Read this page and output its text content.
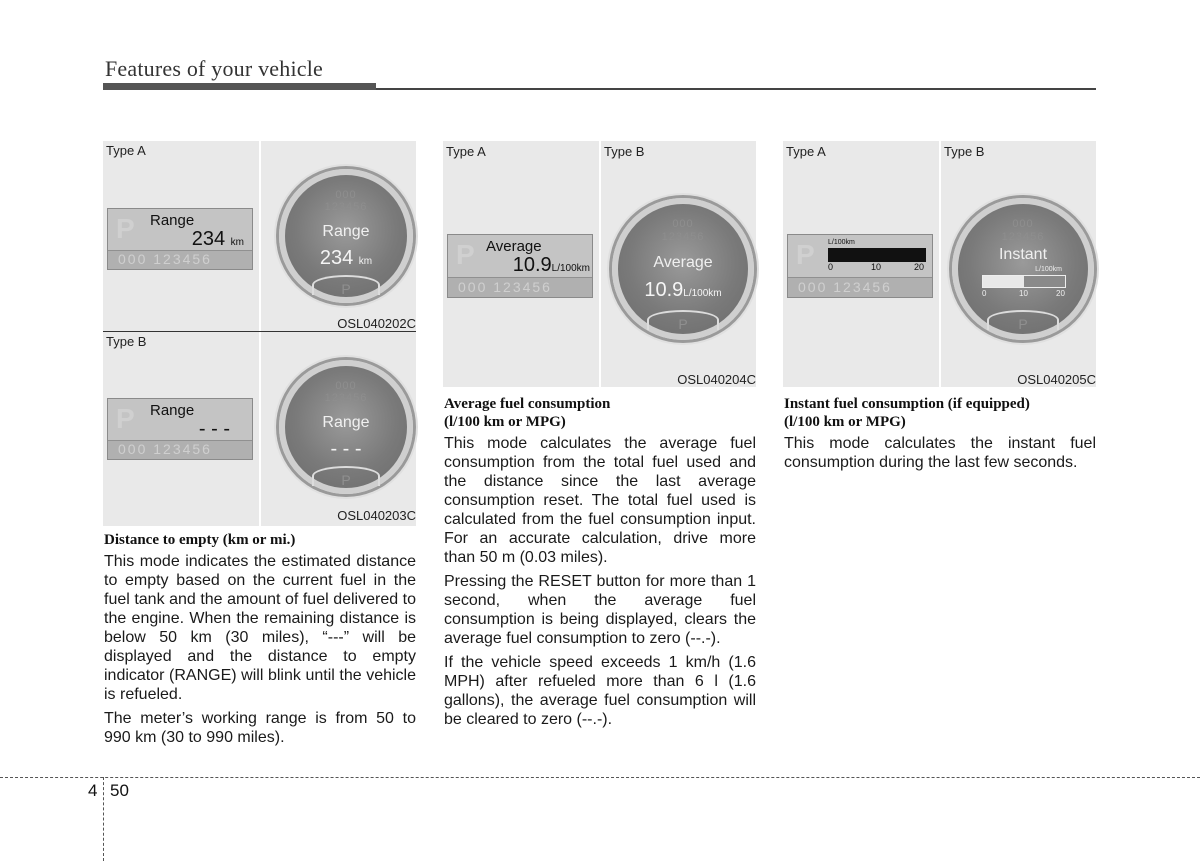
Features of your vehicle
Type A
P
000 123456
Range
234 km
000
123456
Range
234 km
P
OSL040202C
Type B
P
000 123456
Range
- - -
000
123456
Range
- - -
P
OSL040203C
Distance to empty (km or mi.)

This mode indicates the estimated distance to empty based on the current fuel in the fuel tank and the amount of fuel delivered to the engine. When the remaining distance is below 50 km (30 miles), “---” will be displayed and the distance to empty indicator (RANGE) will blink until the vehicle is refueled.

The meter’s working range is from 50 to 990 km (30 to 990 miles).

Type A	Type B
P
000 123456
Average
10.9L/100km
000
123456
Average
10.9L/100km
P
OSL040204C
Average fuel consumption
(l/100 km or MPG)

This mode calculates the average fuel consumption from the total fuel used and the distance since the last average consumption reset. The total fuel used is calculated from the fuel consumption input. For an accurate calculation, drive more than 50 m (0.03 miles).

Pressing the RESET button for more than 1 second, when the average fuel consumption is being displayed, clears the average fuel consumption to zero (--.-).

If the vehicle speed exceeds 1 km/h (1.6 MPH) after refueled more than 6 l (1.6 gallons), the average fuel consumption will be cleared to zero (--.-).

Type A	Type B
P
000 123456
L/100km
0	10	20
000
123456
Instant
L/100km
0	10	20
P
OSL040205C
Instant fuel consumption (if equipped)
(l/100 km or MPG)

This mode calculates the instant fuel consumption during the last few seconds.

4 50
